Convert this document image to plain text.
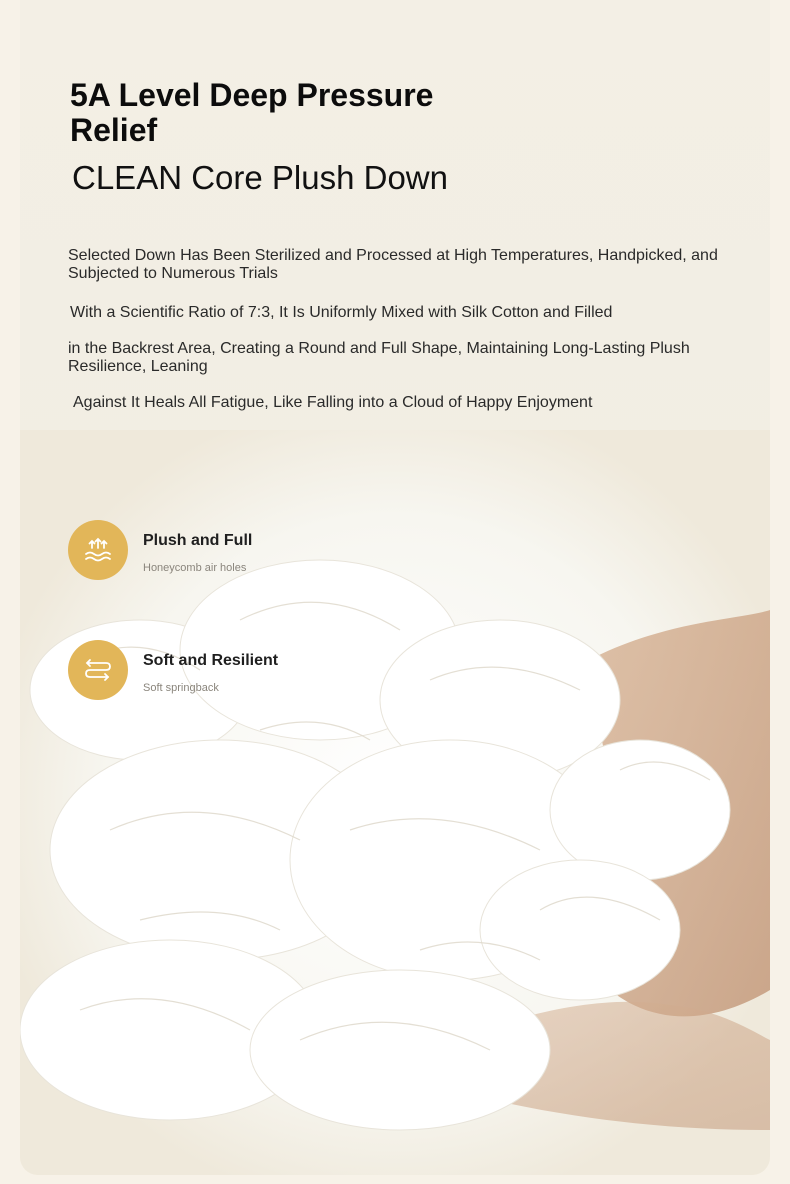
5A Level Deep Pressure Relief
CLEAN Core Plush Down

Selected Down Has Been Sterilized and Processed at High Temperatures, Handpicked, and Subjected to Numerous Trials

With a Scientific Ratio of 7:3, It Is Uniformly Mixed with Silk Cotton and Filled

in the Backrest Area, Creating a Round and Full Shape, Maintaining Long-Lasting Plush Resilience, Leaning

Against It Heals All Fatigue, Like Falling into a Cloud of Happy Enjoyment

Plush and Full
Honeycomb air holes
Soft and Resilient
Soft springback
